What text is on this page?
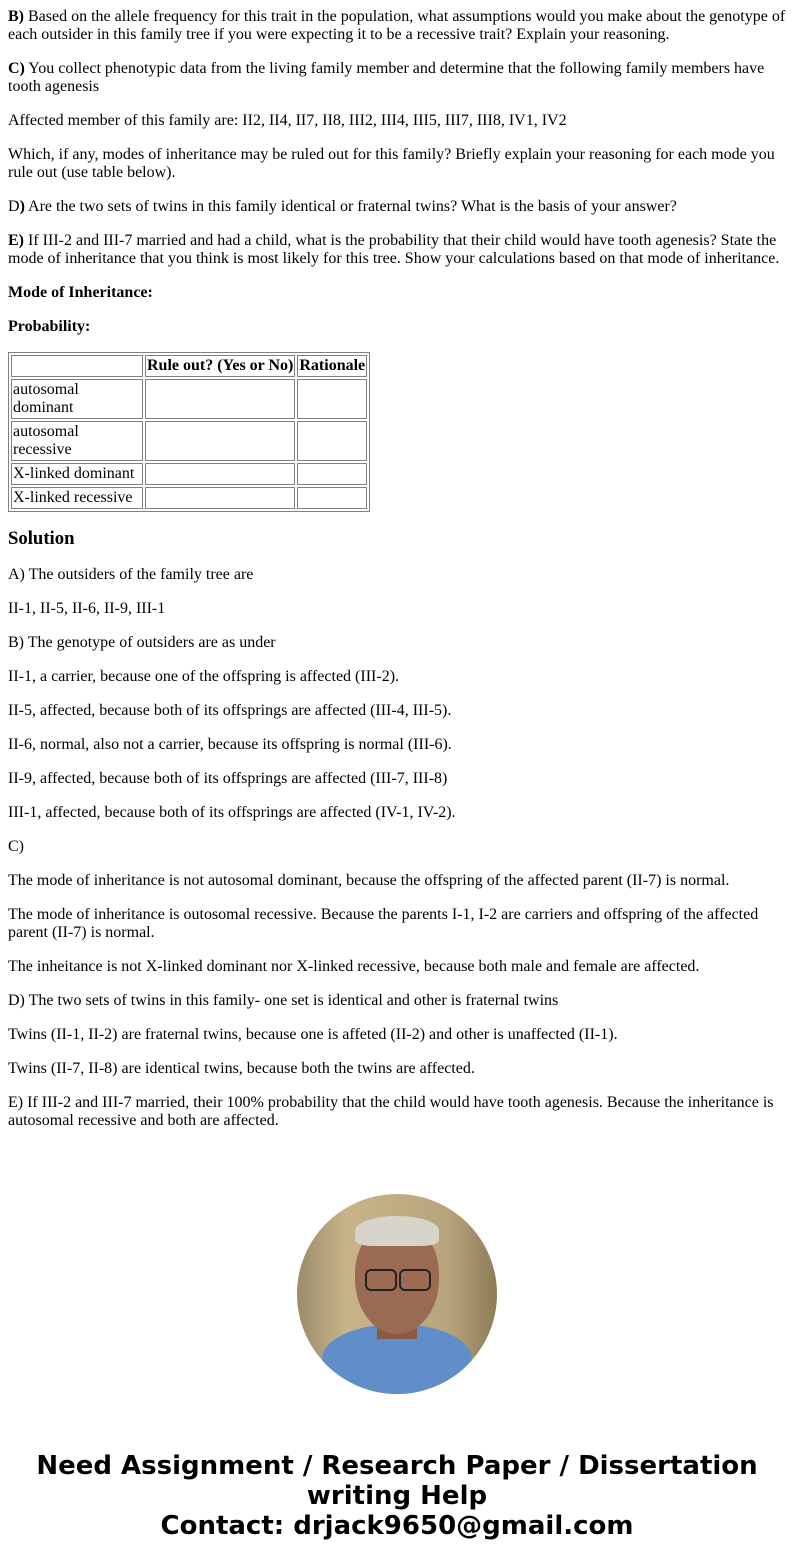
B) Based on the allele frequency for this trait in the population, what assumptions would you make about the genotype of each outsider in this family tree if you were expecting it to be a recessive trait? Explain your reasoning.

C) You collect phenotypic data from the living family member and determine that the following family members have tooth agenesis

Affected member of this family are: II2, II4, II7, II8, III2, III4, III5, III7, III8, IV1, IV2

Which, if any, modes of inheritance may be ruled out for this family? Briefly explain your reasoning for each mode you rule out (use table below).

D) Are the two sets of twins in this family identical or fraternal twins? What is the basis of your answer?

E) If III-2 and III-7 married and had a child, what is the probability that their child would have tooth agenesis? State the mode of inheritance that you think is most likely for this tree. Show your calculations based on that mode of inheritance.

Mode of Inheritance:

Probability:

	Rule out? (Yes or No)	Rationale
autosomal dominant		
autosomal recessive		
X-linked dominant		
X-linked recessive		
Solution

A) The outsiders of the family tree are

II-1, II-5, II-6, II-9, III-1

B) The genotype of outsiders are as under

II-1, a carrier, because one of the offspring is affected (III-2).

II-5, affected, because both of its offsprings are affected (III-4, III-5).

II-6, normal, also not a carrier, because its offspring is normal (III-6).

II-9, affected, because both of its offsprings are affected (III-7, III-8)

III-1, affected, because both of its offsprings are affected (IV-1, IV-2).

C)

The mode of inheritance is not autosomal dominant, because the offspring of the affected parent (II-7) is normal.

The mode of inheritance is outosomal recessive. Because the parents I-1, I-2 are carriers and offspring of the affected parent (II-7) is normal.

The inheitance is not X-linked dominant nor X-linked recessive, because both male and female are affected.

D) The two sets of twins in this family- one set is identical and other is fraternal twins

Twins (II-1, II-2) are fraternal twins, because one is affeted (II-2) and other is unaffected (II-1).

Twins (II-7, II-8) are identical twins, because both the twins are affected.

E) If III-2 and III-7 married, their 100% probability that the child would have tooth agenesis. Because the inheritance is autosomal recessive and both are affected.

Need Assignment / Research Paper / Dissertation writing Help
Contact: drjack9650@gmail.com
